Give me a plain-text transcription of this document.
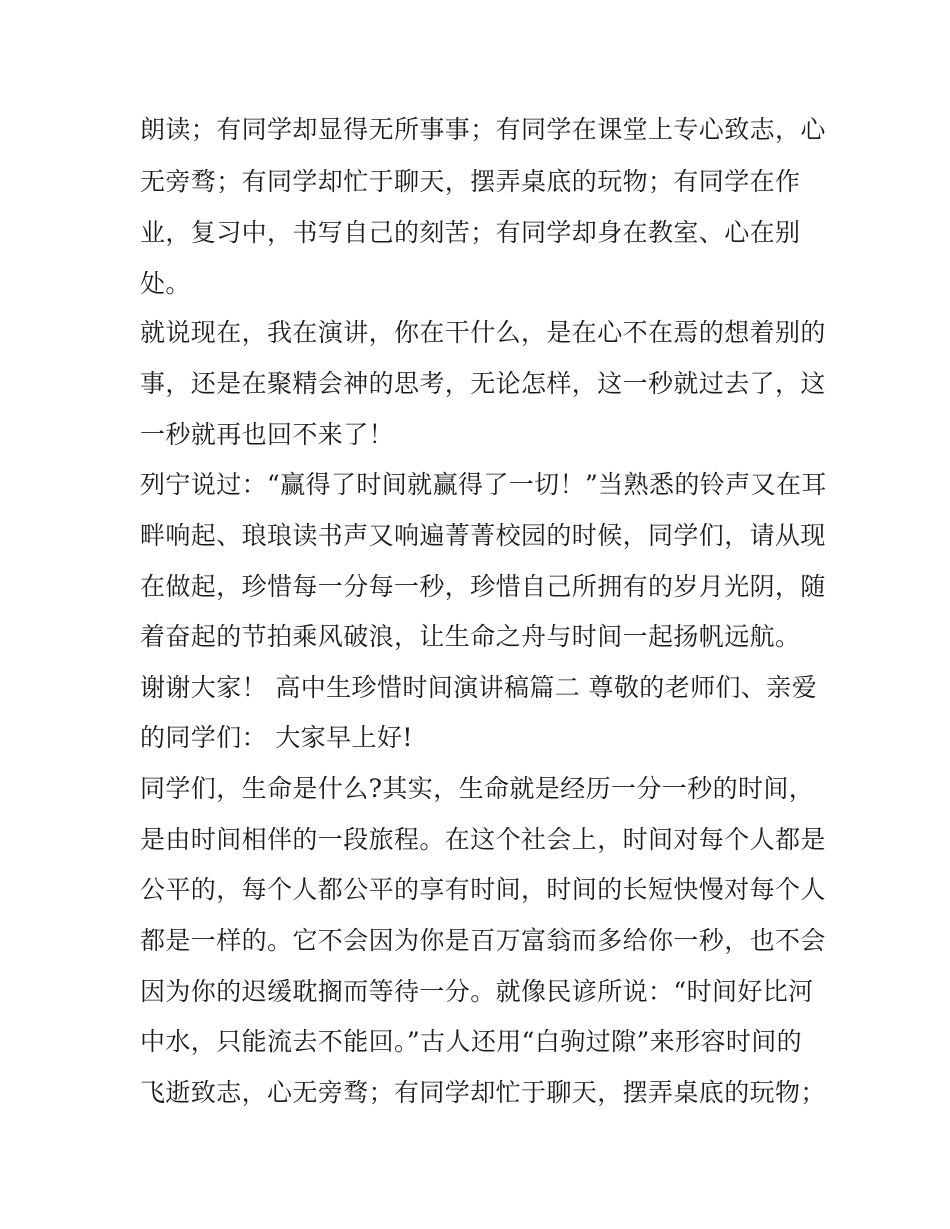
朗读；有同学却显得无所事事；有同学在课堂上专心致志，心
无旁骛；有同学却忙于聊天，摆弄桌底的玩物；有同学在作
业，复习中，书写自己的刻苦；有同学却身在教室、心在别
处。
就说现在，我在演讲，你在干什么，是在心不在焉的想着别的
事，还是在聚精会神的思考，无论怎样，这一秒就过去了，这
一秒就再也回不来了！
列宁说过：“赢得了时间就赢得了一切！”当熟悉的铃声又在耳
畔响起、琅琅读书声又响遍菁菁校园的时候，同学们，请从现
在做起，珍惜每一分每一秒，珍惜自己所拥有的岁月光阴，随
着奋起的节拍乘风破浪，让生命之舟与时间一起扬帆远航。
谢谢大家！ 高中生珍惜时间演讲稿篇二 尊敬的老师们、亲爱
的同学们： 大家早上好!
同学们，生命是什么?其实，生命就是经历一分一秒的时间，
是由时间相伴的一段旅程。在这个社会上，时间对每个人都是
公平的，每个人都公平的享有时间，时间的长短快慢对每个人
都是一样的。它不会因为你是百万富翁而多给你一秒，也不会
因为你的迟缓耽搁而等待一分。就像民谚所说：“时间好比河
中水，只能流去不能回。”古人还用“白驹过隙”来形容时间的
飞逝致志，心无旁骛；有同学却忙于聊天，摆弄桌底的玩物；
